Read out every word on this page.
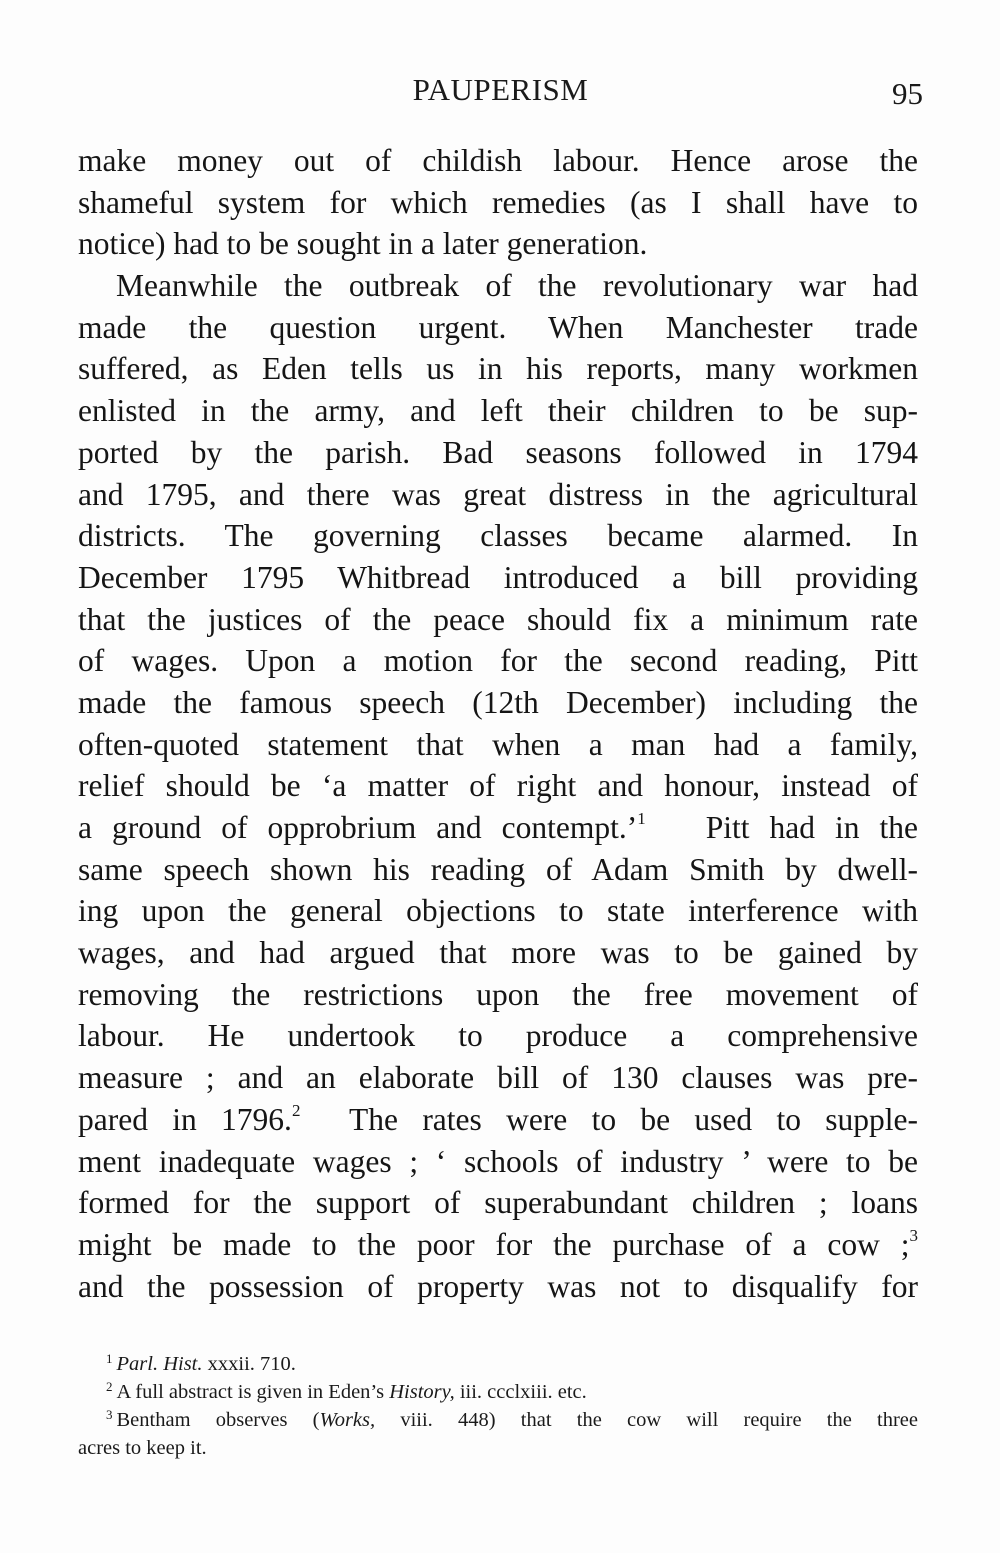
PAUPERISM	95
make money out of childish labour. Hence arose the
shameful system for which remedies (as I shall have to
notice) had to be sought in a later generation.
Meanwhile the outbreak of the revolutionary war had
made the question urgent. When Manchester trade
suffered, as Eden tells us in his reports, many workmen
enlisted in the army, and left their children to be sup-
ported by the parish. Bad seasons followed in 1794
and 1795, and there was great distress in the agricultural
districts. The governing classes became alarmed. In
December 1795 Whitbread introduced a bill providing
that the justices of the peace should fix a minimum rate
of wages. Upon a motion for the second reading, Pitt
made the famous speech (12th December) including the
often-quoted statement that when a man had a family,
relief should be ‘a matter of right and honour, instead of
a ground of opprobrium and contempt.’$^1$ Pitt had in the
same speech shown his reading of Adam Smith by dwell-
ing upon the general objections to state interference with
wages, and had argued that more was to be gained by
removing the restrictions upon the free movement of
labour. He undertook to produce a comprehensive
measure ; and an elaborate bill of 130 clauses was pre-
pared in 1796.$^2$ The rates were to be used to supple-
ment inadequate wages ; ‘ schools of industry ’ were to be
formed for the support of superabundant children ; loans
might be made to the poor for the purchase of a cow ;$^3$
and the possession of property was not to disqualify for
$^1$ Parl. Hist. xxxii. 710.
$^2$ A full abstract is given in Eden’s History, iii. ccclxiii. etc.
$^3$ Bentham observes (Works, viii. 448) that the cow will require the three
acres to keep it.
